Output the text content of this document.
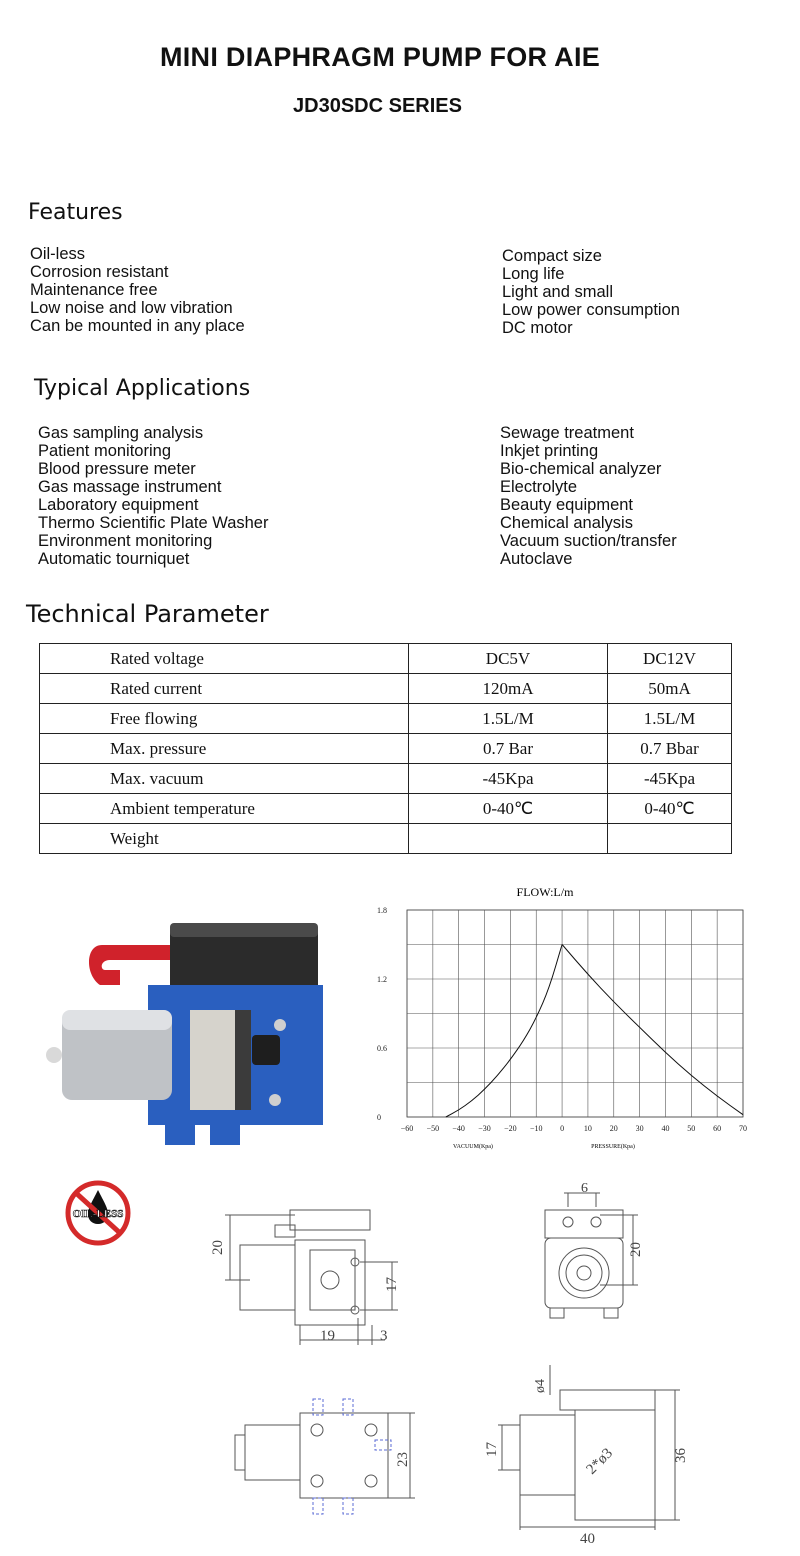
MINI DIAPHRAGM PUMP FOR AIE
JD30SDC SERIES
Features
Oil-less
Corrosion resistant
Maintenance free
Low noise and low vibration
Can be mounted in any place
Compact size
Long life
Light and small
Low power consumption
DC motor
Typical Applications
Gas sampling analysis
Patient monitoring
Blood pressure meter
Gas massage instrument
Laboratory equipment
Thermo Scientific Plate Washer
Environment monitoring
Automatic tourniquet
Sewage treatment
Inkjet printing
Bio-chemical analyzer
Electrolyte
Beauty equipment
Chemical analysis
Vacuum suction/transfer
Autoclave
Technical Parameter
Rated voltage	DC5V	DC12V
Rated current	120mA	50mA
Free flowing	1.5L/M	1.5L/M
Max. pressure	0.7 Bar	0.7 Bbar
Max. vacuum	-45Kpa	-45Kpa
Ambient temperature	0-40℃	0-40℃
Weight		
FLOW:L/m
−60 −50 −40 −30 −20 −10 0 10 20 30 40 50 60 70
0
0.6
1.2
1.8
VACUUM(Kpa)	PRESSURE(Kpa)
OIL-LESS
20
17
19	3
9
20
23
ø4
2*ø3
17	36
40
